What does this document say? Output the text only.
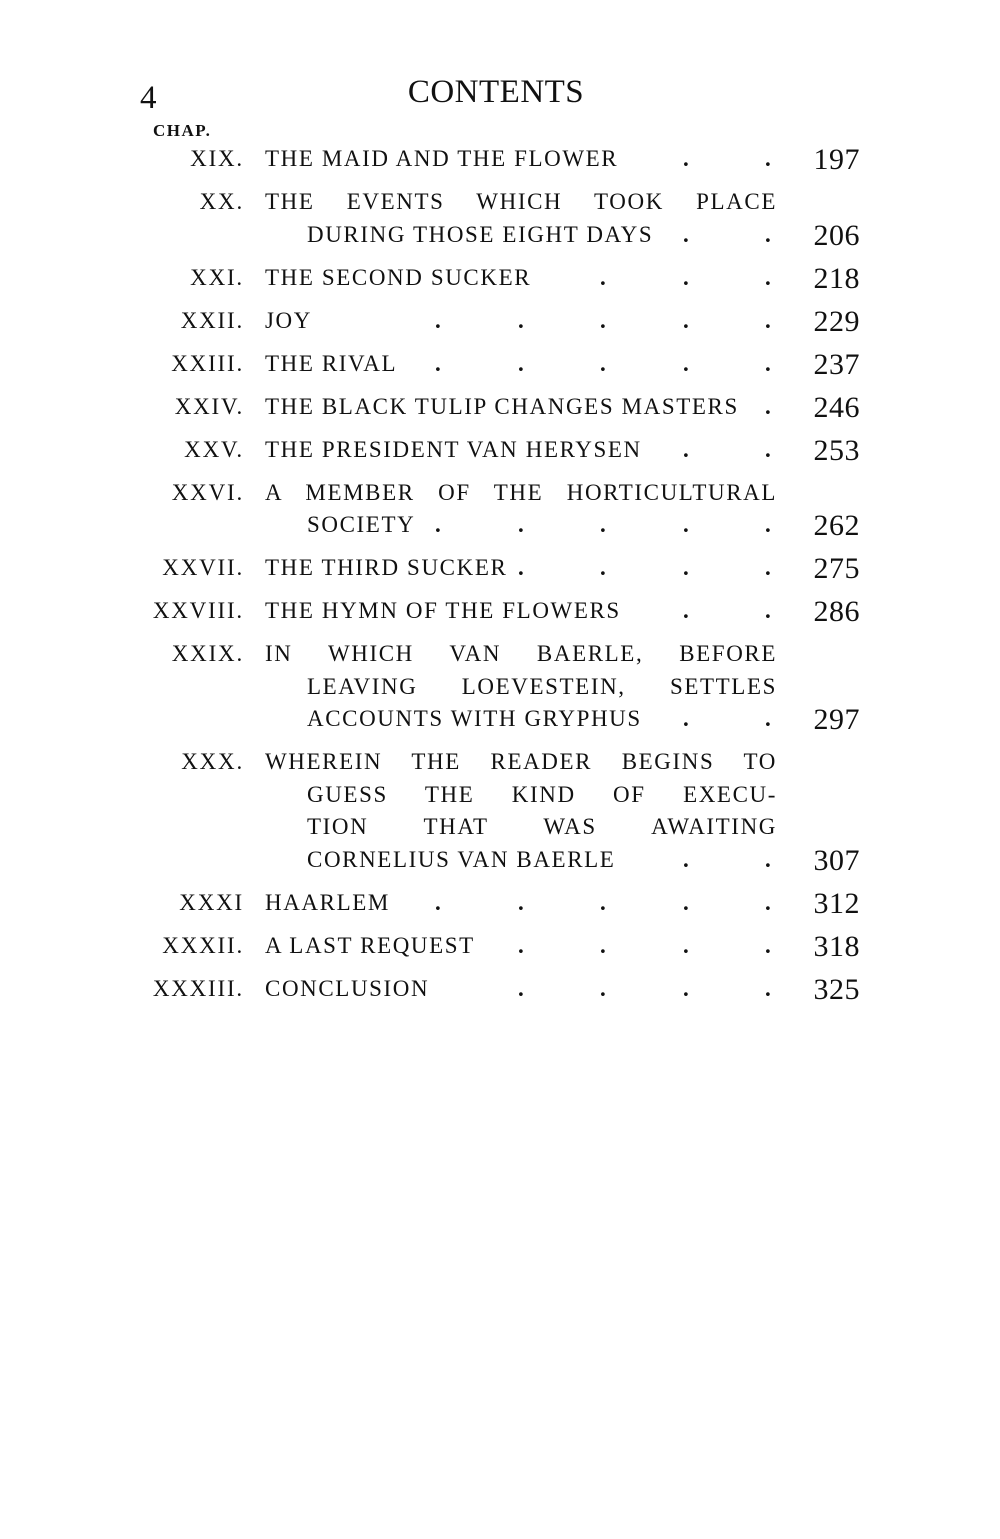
4	CONTENTS
CHAP.
XIX. THE MAID AND THE FLOWER	197
.	.
XX. THE EVENTS WHICH TOOK PLACE
DURING THOSE EIGHT DAYS	206
.	.
XXI. THE SECOND SUCKER	218
.	.	.
XXII. JOY	229
.	.	.	.	.
XXIII. THE RIVAL	237
.	.	.	.	.
XXIV. THE BLACK TULIP CHANGES MASTERS	246
.
XXV. THE PRESIDENT VAN HERYSEN	253
.	.
XXVI. A MEMBER OF THE HORTICULTURAL
SOCIETY	262
.	.	.	.	.
XXVII. THE THIRD SUCKER	275
.	.	.	.
XXVIII. THE HYMN OF THE FLOWERS	286
.	.
XXIX. IN WHICH VAN BAERLE, BEFORE
LEAVING LOEVESTEIN, SETTLES
ACCOUNTS WITH GRYPHUS	297
.	.
XXX. WHEREIN THE READER BEGINS TO
GUESS THE KIND OF EXECU-
TION THAT WAS AWAITING
CORNELIUS VAN BAERLE	307
.	.
XXXI HAARLEM	312
.	.	.	.	.
XXXII. A LAST REQUEST	318
.	.	.	.
XXXIII. CONCLUSION	325
.	.	.	.
